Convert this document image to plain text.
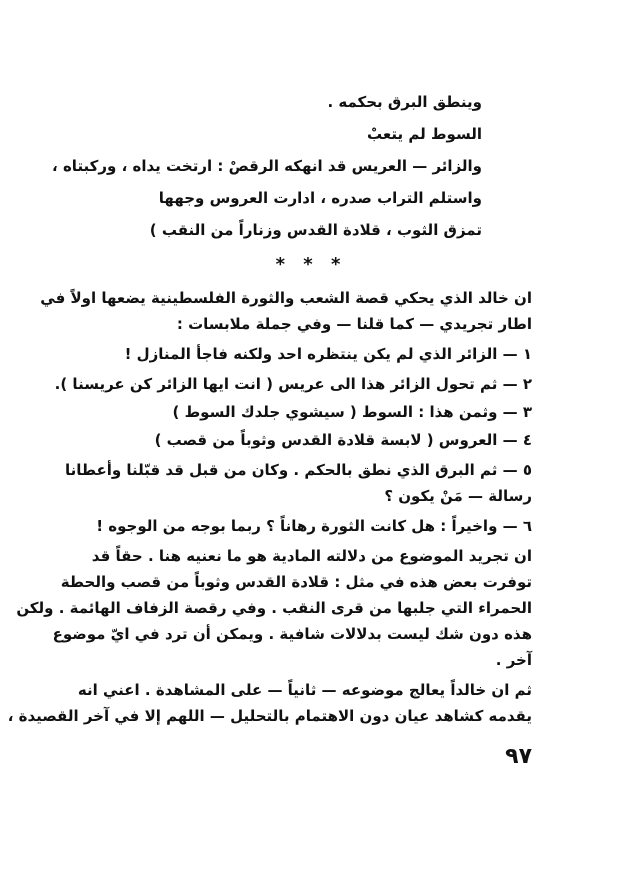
وينطق البرق بحكمه .
السوط لم يتعبْ
والزائر — العريس قد انهكه الرقصْ : ارتخت يداه ، وركبتاه ،
واستلم التراب صدره ، ادارت العروس وجهها
تمزق الثوب ، قلادة القدس وزناراً من النقب )
* * *
ان خالد الذي يحكي قصة الشعب والثورة الفلسطينية يضعها اولاً في
اطار تجريدي — كما قلنا — وفي جملة ملابسات :
١ — الزائر الذي لم يكن ينتظره احد ولكنه فاجأ المنازل !
٢ — ثم تحول الزائر هذا الى عريس ( انت ايها الزائر كن عريسنا ).
٣ — وثمن هذا : السوط ( سيشوي جلدك السوط )
٤ — العروس ( لابسة قلادة القدس وثوباً من قصب )
٥ — ثم البرق الذي نطق بالحكم . وكان من قبل قد قبّلنا وأعطانا
رسالة — مَنْ يكون ؟
٦ — واخيراً : هل كانت الثورة رهاناً ؟ ربما بوجه من الوجوه !
ان تجريد الموضوع من دلالته المادية هو ما نعنيه هنا . حقاً قد
توفرت بعض هذه في مثل : قلادة القدس وثوباً من قصب والحطة
الحمراء التي جلبها من قرى النقب . وفي رقصة الزفاف الهائمة . ولكن
هذه دون شك ليست بدلالات شافية . ويمكن أن ترد في ايّ موضوع
آخر .
ثم ان خالداً يعالج موضوعه — ثانياً — على المشاهدة . اعني انه
يقدمه كشاهد عيان دون الاهتمام بالتحليل — اللهم إلا في آخر القصيدة ،
٩٧
